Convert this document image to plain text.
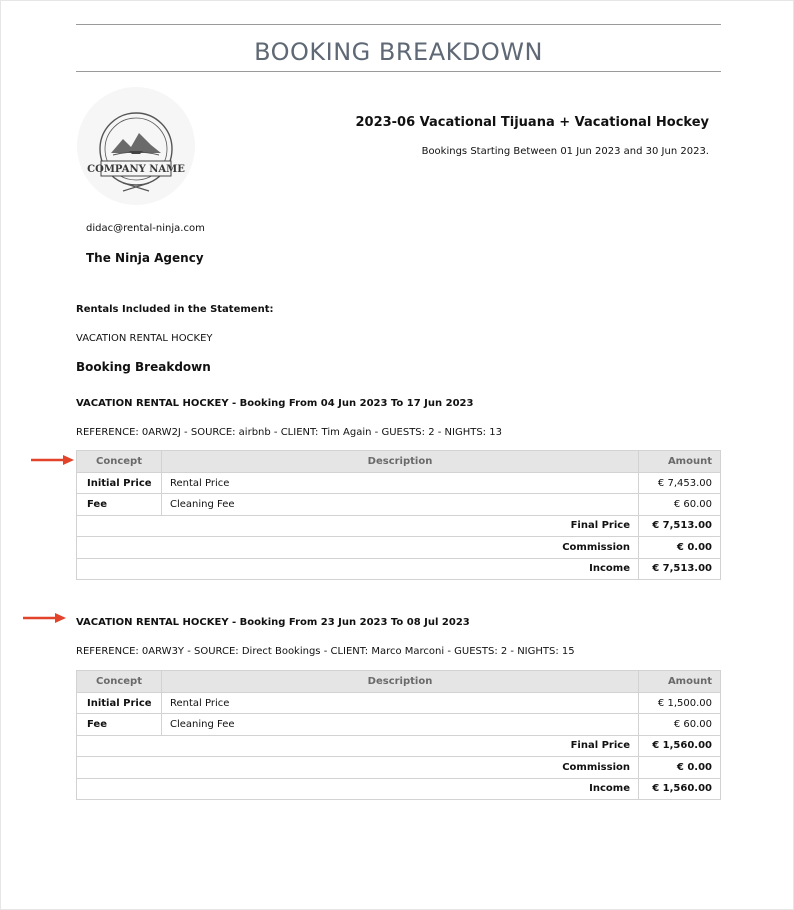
BOOKING BREAKDOWN
COMPANY NAME
2023-06 Vacational Tijuana + Vacational Hockey
Bookings Starting Between 01 Jun 2023 and 30 Jun 2023.
didac@rental-ninja.com
The Ninja Agency
Rentals Included in the Statement:
VACATION RENTAL HOCKEY
Booking Breakdown
VACATION RENTAL HOCKEY - Booking From 04 Jun 2023 To 17 Jun 2023
REFERENCE: 0ARW2J - SOURCE: airbnb - CLIENT: Tim Again - GUESTS: 2 - NIGHTS: 13
Concept	Description	Amount
Initial Price	Rental Price	€ 7,453.00
Fee	Cleaning Fee	€ 60.00
Final Price		€ 7,513.00
Commission		€ 0.00
Income		€ 7,513.00
VACATION RENTAL HOCKEY - Booking From 23 Jun 2023 To 08 Jul 2023
REFERENCE: 0ARW3Y - SOURCE: Direct Bookings - CLIENT: Marco Marconi - GUESTS: 2 - NIGHTS: 15
Concept	Description	Amount
Initial Price	Rental Price	€ 1,500.00
Fee	Cleaning Fee	€ 60.00
Final Price		€ 1,560.00
Commission		€ 0.00
Income		€ 1,560.00
